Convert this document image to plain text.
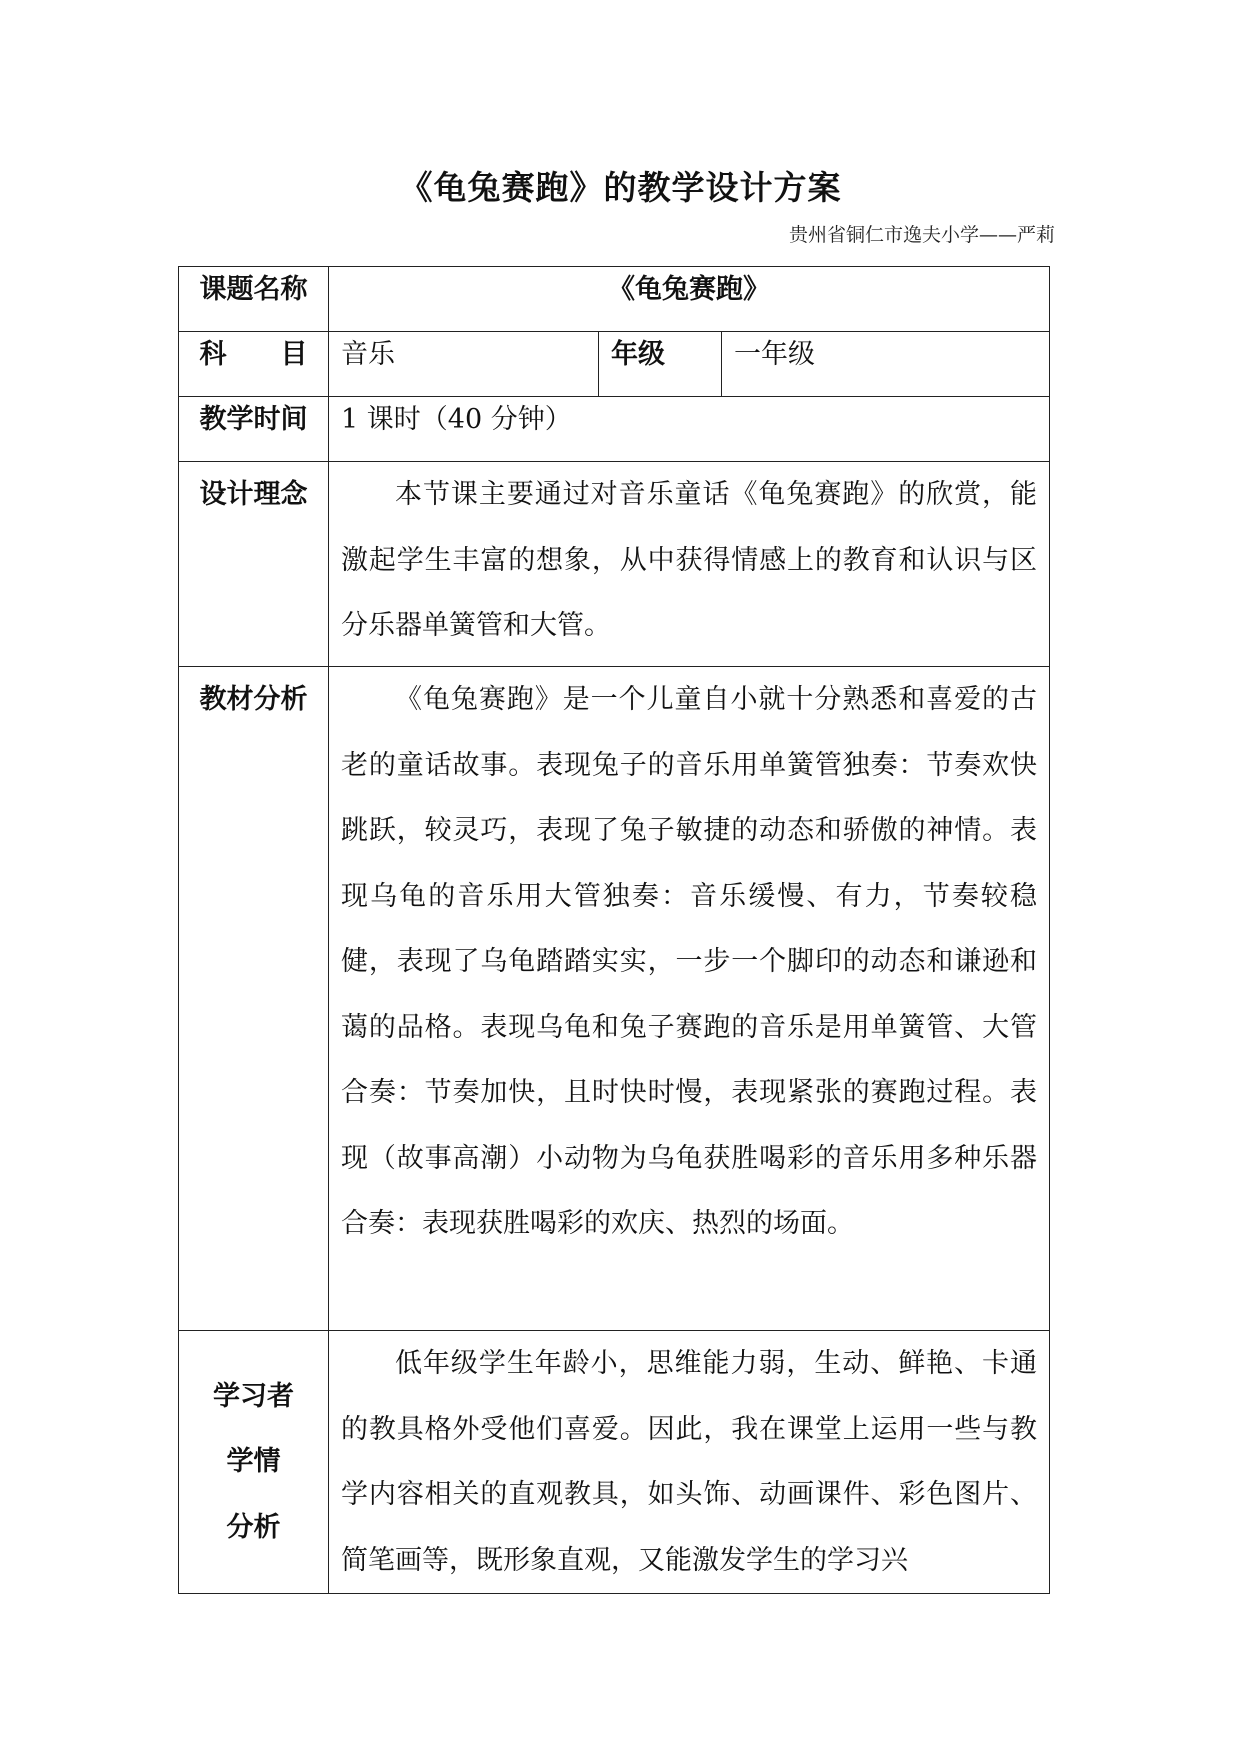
《龟兔赛跑》的教学设计方案
贵州省铜仁市逸夫小学——严莉
课题名称	《龟兔赛跑》		
科　　目	音乐	年级	一年级
教学时间	1 课时（40 分钟）		
设计理念	本节课主要通过对音乐童话《龟兔赛跑》的欣赏，能激起学生丰富的想象，从中获得情感上的教育和认识与区分乐器单簧管和大管。		
教材分析	《龟兔赛跑》是一个儿童自小就十分熟悉和喜爱的古老的童话故事。表现兔子的音乐用单簧管独奏：节奏欢快跳跃，较灵巧，表现了兔子敏捷的动态和骄傲的神情。表现乌龟的音乐用大管独奏：音乐缓慢、有力，节奏较稳健，表现了乌龟踏踏实实，一步一个脚印的动态和谦逊和蔼的品格。表现乌龟和兔子赛跑的音乐是用单簧管、大管合奏：节奏加快，且时快时慢，表现紧张的赛跑过程。表现（故事高潮）小动物为乌龟获胜喝彩的音乐用多种乐器合奏：表现获胜喝彩的欢庆、热烈的场面。		

学习者
学情
分析	低年级学生年龄小，思维能力弱，生动、鲜艳、卡通的教具格外受他们喜爱。因此，我在课堂上运用一些与教学内容相关的直观教具，如头饰、动画课件、彩色图片、简笔画等，既形象直观，又能激发学生的学习兴		
